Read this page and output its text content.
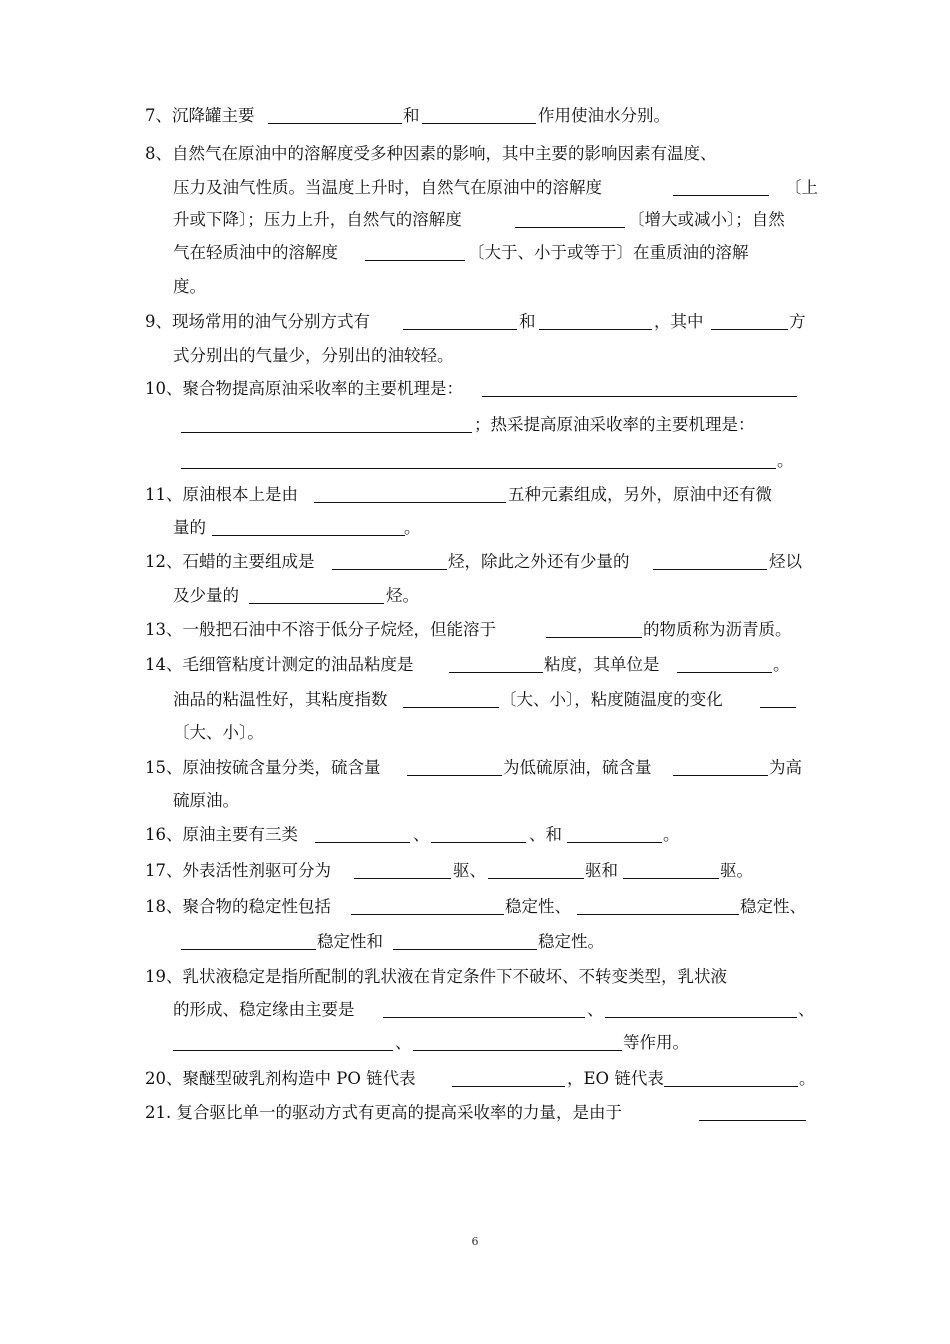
7、沉降罐主要	和	作用使油水分别。
8、自然气在原油中的溶解度受多种因素的影响，其中主要的影响因素有温度、
压力及油气性质。当温度上升时，自然气在原油中的溶解度	〔上
升或下降〕；压力上升，自然气的溶解度	〔增大或减小〕；自然
气在轻质油中的溶解度	〔大于、小于或等于〕在重质油的溶解
度。
9、现场常用的油气分别方式有	和	，其中	方
式分别出的气量少，分别出的油较轻。
10、聚合物提高原油采收率的主要机理是：
；热采提高原油采收率的主要机理是：
。
11、原油根本上是由	五种元素组成，另外，原油中还有微
量的	。
12、石蜡的主要组成是	烃，除此之外还有少量的	烃以
及少量的	烃。
13、一般把石油中不溶于低分子烷烃，但能溶于	的物质称为沥青质。
14、毛细管粘度计测定的油品粘度是	粘度，其单位是	。
油品的粘温性好，其粘度指数	〔大、小〕，粘度随温度的变化
〔大、小〕。
15、原油按硫含量分类，硫含量	为低硫原油，硫含量	为高
硫原油。
16、原油主要有三类	、	、和	。
17、外表活性剂驱可分为	驱、	驱和	驱。
18、聚合物的稳定性包括	稳定性、	稳定性、
稳定性和	稳定性。
19、乳状液稳定是指所配制的乳状液在肯定条件下不破坏、不转变类型，乳状液
的形成、稳定缘由主要是	、	、
、	等作用。
20、聚醚型破乳剂构造中 PO 链代表	，EO 链代表	。
21. 复合驱比单一的驱动方式有更高的提高采收率的力量，是由于
6
